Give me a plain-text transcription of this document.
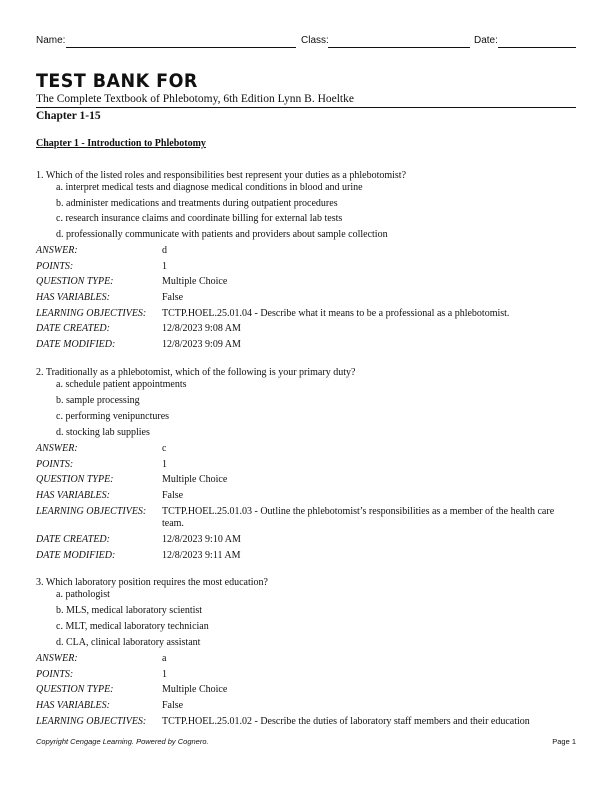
Name:	Class:	Date:
TEST BANK FOR
The Complete Textbook of Phlebotomy, 6th Edition Lynn B. Hoeltke
Chapter 1-15
Chapter 1 - Introduction to Phlebotomy
1. Which of the listed roles and responsibilities best represent your duties as a phlebotomist?
a. interpret medical tests and diagnose medical conditions in blood and urine
b. administer medications and treatments during outpatient procedures
c. research insurance claims and coordinate billing for external lab tests
d. professionally communicate with patients and providers about sample collection
ANSWER:	d
POINTS:	1
QUESTION TYPE:	Multiple Choice
HAS VARIABLES:	False
LEARNING OBJECTIVES: TCTP.HOEL.25.01.04 - Describe what it means to be a professional as a phlebotomist.
DATE CREATED:	12/8/2023 9:08 AM
DATE MODIFIED:	12/8/2023 9:09 AM
2. Traditionally as a phlebotomist, which of the following is your primary duty?
a. schedule patient appointments
b. sample processing
c. performing venipunctures
d. stocking lab supplies
ANSWER:	c
POINTS:	1
QUESTION TYPE:	Multiple Choice
HAS VARIABLES:	False
LEARNING OBJECTIVES: TCTP.HOEL.25.01.03 - Outline the phlebotomist’s responsibilities as a member of the health care team.
DATE CREATED:	12/8/2023 9:10 AM
DATE MODIFIED:	12/8/2023 9:11 AM
3. Which laboratory position requires the most education?
a. pathologist
b. MLS, medical laboratory scientist
c. MLT, medical laboratory technician
d. CLA, clinical laboratory assistant
ANSWER:	a
POINTS:	1
QUESTION TYPE:	Multiple Choice
HAS VARIABLES:	False
LEARNING OBJECTIVES: TCTP.HOEL.25.01.02 - Describe the duties of laboratory staff members and their education
Copyright Cengage Learning. Powered by Cognero.	Page 1
